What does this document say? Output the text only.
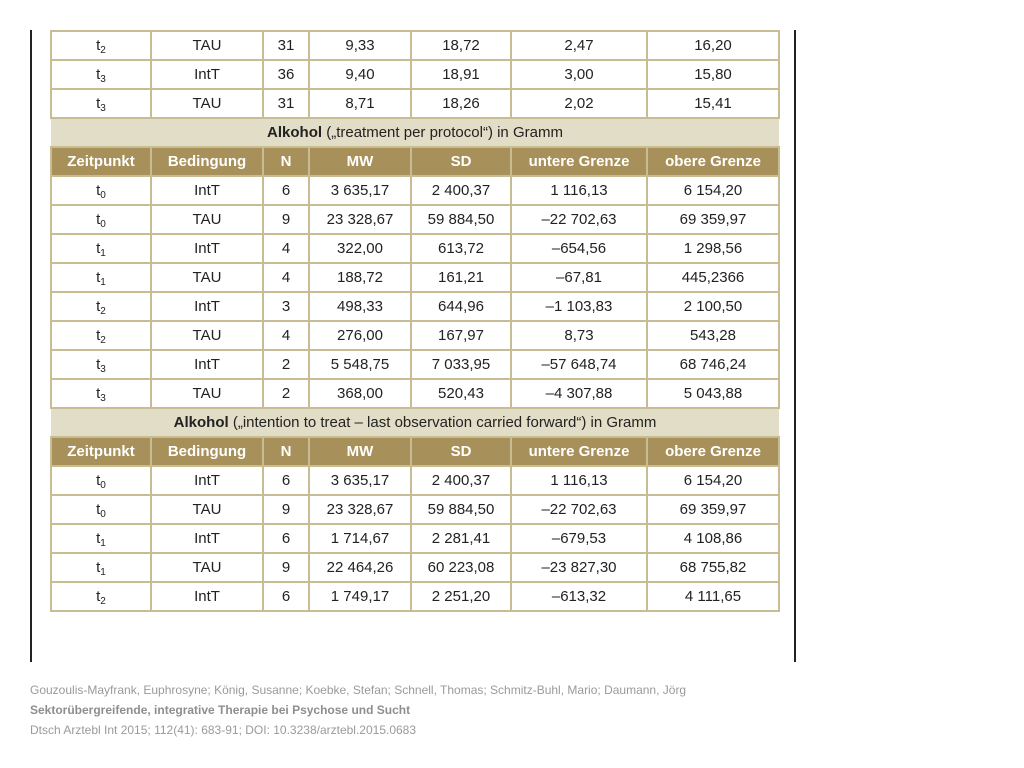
$t_2$	TAU	31	9,33	18,72	2,47	16,20
$t_3$	IntT	36	9,40	18,91	3,00	15,80
$t_3$	TAU	31	8,71	18,26	2,02	15,41
Alkohol („treatment per protocol“) in Gramm						
Zeitpunkt	Bedingung	N	MW	SD	untere Grenze	obere Grenze
$t_0$	IntT	6	3 635,17	2 400,37	1 116,13	6 154,20
$t_0$	TAU	9	23 328,67	59 884,50	–22 702,63	69 359,97
$t_1$	IntT	4	322,00	613,72	–654,56	1 298,56
$t_1$	TAU	4	188,72	161,21	–67,81	445,2366
$t_2$	IntT	3	498,33	644,96	–1 103,83	2 100,50
$t_2$	TAU	4	276,00	167,97	8,73	543,28
$t_3$	IntT	2	5 548,75	7 033,95	–57 648,74	68 746,24
$t_3$	TAU	2	368,00	520,43	–4 307,88	5 043,88
Alkohol („intention to treat – last observation carried forward“) in Gramm						
Zeitpunkt	Bedingung	N	MW	SD	untere Grenze	obere Grenze
$t_0$	IntT	6	3 635,17	2 400,37	1 116,13	6 154,20
$t_0$	TAU	9	23 328,67	59 884,50	–22 702,63	69 359,97
$t_1$	IntT	6	1 714,67	2 281,41	–679,53	4 108,86
$t_1$	TAU	9	22 464,26	60 223,08	–23 827,30	68 755,82
$t_2$	IntT	6	1 749,17	2 251,20	–613,32	4 111,65
Gouzoulis-Mayfrank, Euphrosyne; König, Susanne; Koebke, Stefan; Schnell, Thomas; Schmitz-Buhl, Mario; Daumann, Jörg
Sektorübergreifende, integrative Therapie bei Psychose und Sucht
Dtsch Arztebl Int 2015; 112(41): 683-91; DOI: 10.3238/arztebl.2015.0683
